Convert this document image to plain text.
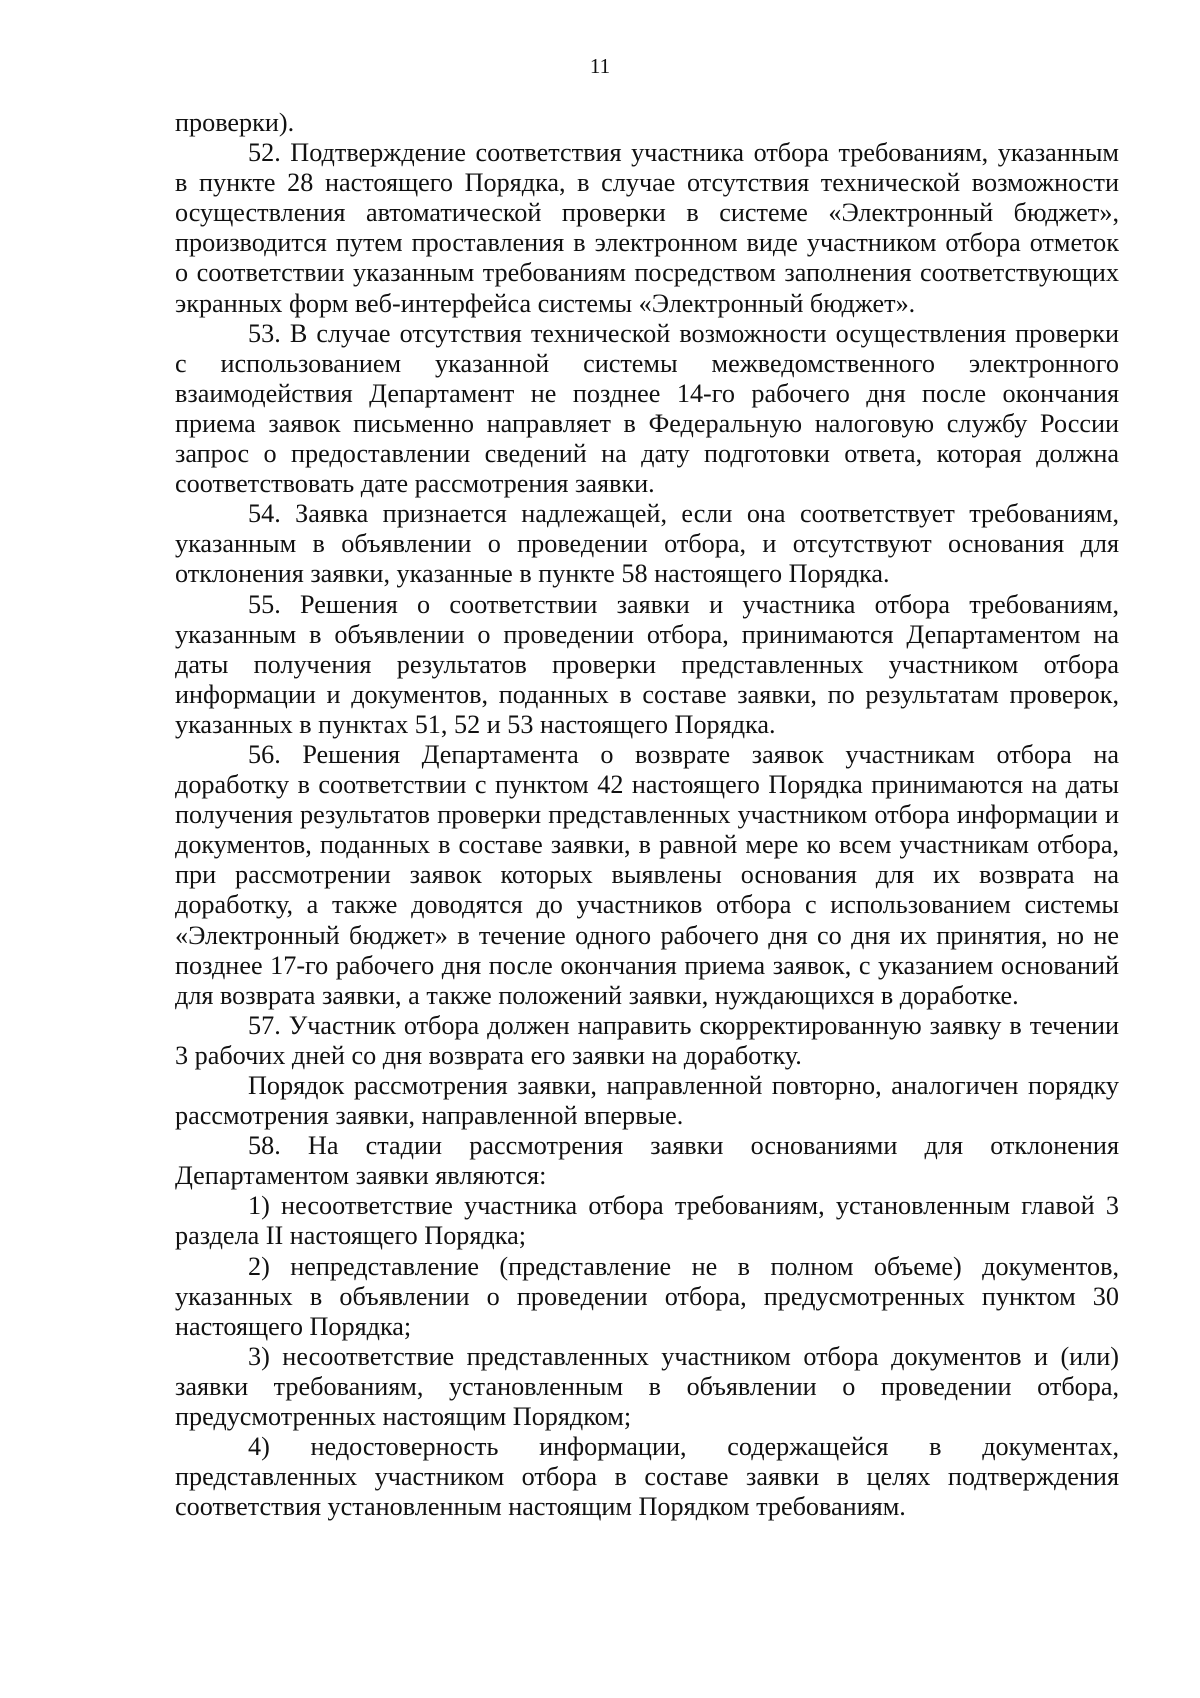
11

проверки).

52. Подтверждение соответствия участника отбора требованиям, указанным в пункте 28 настоящего Порядка, в случае отсутствия технической возможности осуществления автоматической проверки в системе «Электронный бюджет», производится путем проставления в электронном виде участником отбора отметок о соответствии указанным требованиям посредством заполнения соответствующих экранных форм веб-интерфейса системы «Электронный бюджет».

53. В случае отсутствия технической возможности осуществления проверки с использованием указанной системы межведомственного электронного взаимодействия Департамент не позднее 14-го рабочего дня после окончания приема заявок письменно направляет в Федеральную налоговую службу России запрос о предоставлении сведений на дату подготовки ответа, которая должна соответствовать дате рассмотрения заявки.

54. Заявка признается надлежащей, если она соответствует требованиям, указанным в объявлении о проведении отбора, и отсутствуют основания для отклонения заявки, указанные в пункте 58 настоящего Порядка.

55. Решения о соответствии заявки и участника отбора требованиям, указанным в объявлении о проведении отбора, принимаются Департаментом на даты получения результатов проверки представленных участником отбора информации и документов, поданных в составе заявки, по результатам проверок, указанных в пунктах 51, 52 и 53 настоящего Порядка.

56. Решения Департамента о возврате заявок участникам отбора на доработку в соответствии с пунктом 42 настоящего Порядка принимаются на даты получения результатов проверки представленных участником отбора информации и документов, поданных в составе заявки, в равной мере ко всем участникам отбора, при рассмотрении заявок которых выявлены основания для их возврата на доработку, а также доводятся до участников отбора с использованием системы «Электронный бюджет» в течение одного рабочего дня со дня их принятия, но не позднее 17-го рабочего дня после окончания приема заявок, с указанием оснований для возврата заявки, а также положений заявки, нуждающихся в доработке.

57. Участник отбора должен направить скорректированную заявку в течении 3 рабочих дней со дня возврата его заявки на доработку.

Порядок рассмотрения заявки, направленной повторно, аналогичен порядку рассмотрения заявки, направленной впервые.

58. На стадии рассмотрения заявки основаниями для отклонения Департаментом заявки являются:

1) несоответствие участника отбора требованиям, установленным главой 3 раздела II настоящего Порядка;

2) непредставление (представление не в полном объеме) документов, указанных в объявлении о проведении отбора, предусмотренных пунктом 30 настоящего Порядка;

3) несоответствие представленных участником отбора документов и (или) заявки требованиям, установленным в объявлении о проведении отбора, предусмотренных настоящим Порядком;

4) недостоверность информации, содержащейся в документах, представленных участником отбора в составе заявки в целях подтверждения соответствия установленным настоящим Порядком требованиям.
